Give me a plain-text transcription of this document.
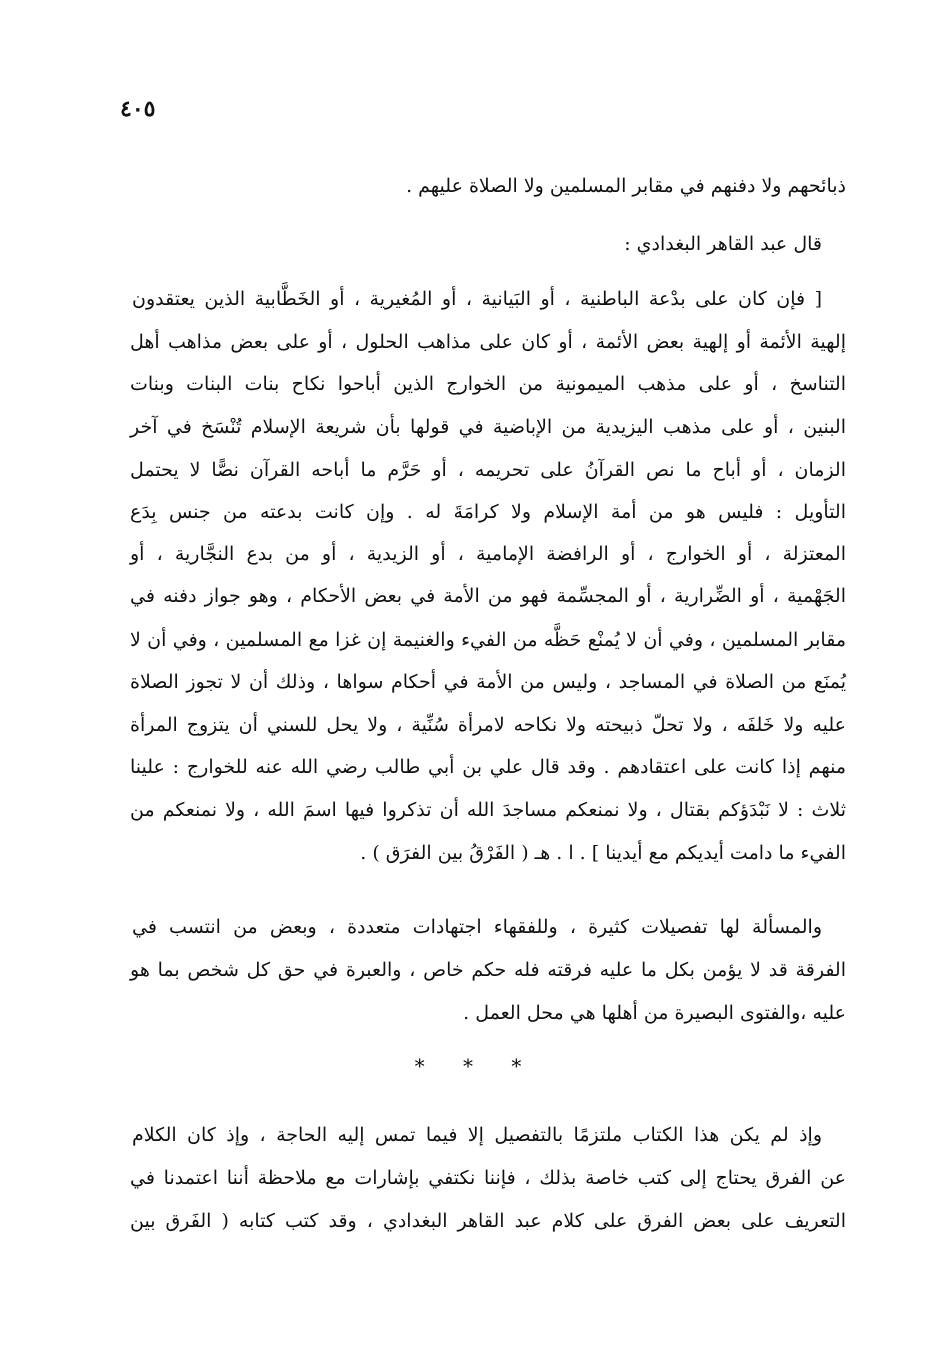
٤٠٥
ذبائحهم ولا دفنهم في مقابر المسلمين ولا الصلاة عليهم .
قال عبد القاهر البغدادي :
[ فإن كان على بدْعة الباطنية ، أو البَيانية ، أو المُغيرية ، أو الخَطَّابية الذين يعتقدون
إلهية الأئمة أو إلهية بعض الأئمة ، أو كان على مذاهب الحلول ، أو على بعض مذاهب أهل
التناسخ ، أو على مذهب الميمونية من الخوارج الذين أباحوا نكاح بنات البنات وبنات
البنين ، أو على مذهب اليزيدية من الإباضية في قولها بأن شريعة الإسلام تُنْسَخ في آخر
الزمان ، أو أباح ما نص القرآنُ على تحريمه ، أو حَرَّم ما أباحه القرآن نصًّا لا يحتمل
التأويل : فليس هو من أمة الإسلام ولا كرامَةَ له . وإن كانت بدعته من جنس بِدَع
المعتزلة ، أو الخوارج ، أو الرافضة الإمامية ، أو الزيدية ، أو من بدع النجَّارية ، أو
الجَهْمية ، أو الضِّرارية ، أو المجسِّمة فهو من الأمة في بعض الأحكام ، وهو جواز دفنه في
مقابر المسلمين ، وفي أن لا يُمنْع حَظَّه من الفيء والغنيمة إن غزا مع المسلمين ، وفي أن لا
يُمنَع من الصلاة في المساجد ، وليس من الأمة في أحكام سواها ، وذلك أن لا تجوز الصلاة
عليه ولا خَلفَه ، ولا تحلّ ذبيحته ولا نكاحه لامرأة سُنِّية ، ولا يحل للسني أن يتزوج المرأة
منهم إذا كانت على اعتقادهم . وقد قال علي بن أبي طالب رضي الله عنه للخوارج : علينا
ثلاث : لا نَبْدَؤكم بقتال ، ولا نمنعكم مساجدَ الله أن تذكروا فيها اسمَ الله ، ولا نمنعكم من
الفيء ما دامت أيديكم مع أيدينا ] . ا . هـ ( الفَرْقُ بين الفرَق ) .
والمسألة لها تفصيلات كثيرة ، وللفقهاء اجتهادات متعددة ، وبعض من انتسب في
الفرقة قد لا يؤمن بكل ما عليه فرقته فله حكم خاص ، والعبرة في حق كل شخص بما هو
عليه ،والفتوى البصيرة من أهلها هي محل العمل .
* * *
وإذ لم يكن هذا الكتاب ملتزمًا بالتفصيل إلا فيما تمس إليه الحاجة ، وإذ كان الكلام
عن الفرق يحتاج إلى كتب خاصة بذلك ، فإننا نكتفي بإشارات مع ملاحظة أننا اعتمدنا في
التعريف على بعض الفرق على كلام عبد القاهر البغدادي ، وقد كتب كتابه ( الفَرق بين
